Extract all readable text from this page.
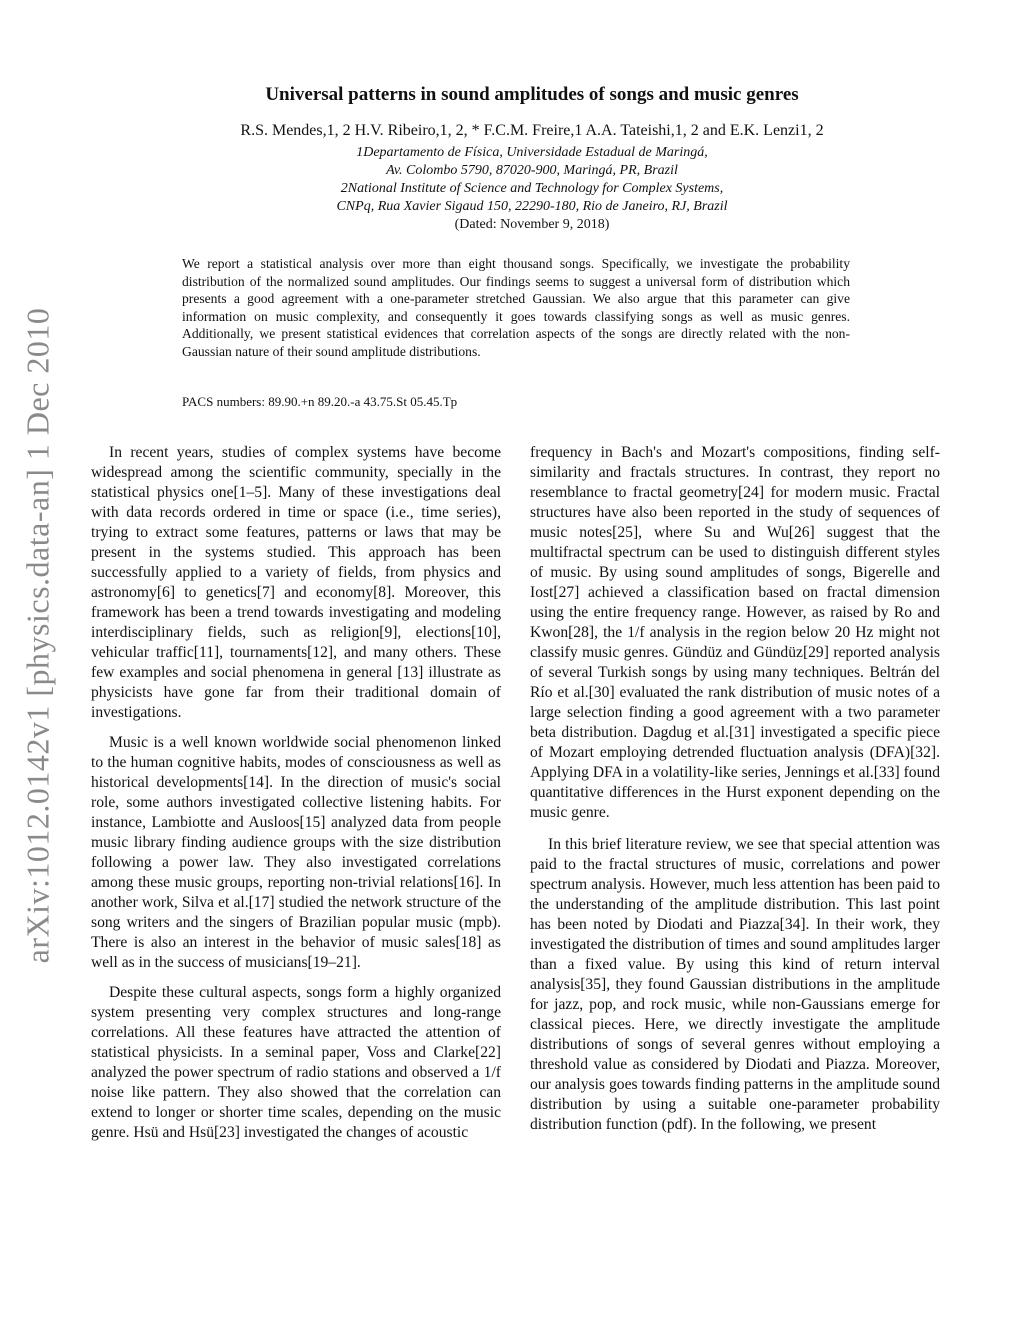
arXiv:1012.0142v1 [physics.data-an] 1 Dec 2010
Universal patterns in sound amplitudes of songs and music genres
R.S. Mendes,1, 2 H.V. Ribeiro,1, 2, * F.C.M. Freire,1 A.A. Tateishi,1, 2 and E.K. Lenzi1, 2
1Departamento de Física, Universidade Estadual de Maringá,
Av. Colombo 5790, 87020-900, Maringá, PR, Brazil
2National Institute of Science and Technology for Complex Systems,
CNPq, Rua Xavier Sigaud 150, 22290-180, Rio de Janeiro, RJ, Brazil
(Dated: November 9, 2018)
We report a statistical analysis over more than eight thousand songs. Specifically, we investigate the probability distribution of the normalized sound amplitudes. Our findings seems to suggest a universal form of distribution which presents a good agreement with a one-parameter stretched Gaussian. We also argue that this parameter can give information on music complexity, and consequently it goes towards classifying songs as well as music genres. Additionally, we present statistical evidences that correlation aspects of the songs are directly related with the non-Gaussian nature of their sound amplitude distributions.
PACS numbers: 89.90.+n 89.20.-a 43.75.St 05.45.Tp

In recent years, studies of complex systems have become widespread among the scientific community, specially in the statistical physics one[1–5]. Many of these investigations deal with data records ordered in time or space (i.e., time series), trying to extract some features, patterns or laws that may be present in the systems studied. This approach has been successfully applied to a variety of fields, from physics and astronomy[6] to genetics[7] and economy[8]. Moreover, this framework has been a trend towards investigating and modeling interdisciplinary fields, such as religion[9], elections[10], vehicular traffic[11], tournaments[12], and many others. These few examples and social phenomena in general [13] illustrate as physicists have gone far from their traditional domain of investigations.

Music is a well known worldwide social phenomenon linked to the human cognitive habits, modes of consciousness as well as historical developments[14]. In the direction of music's social role, some authors investigated collective listening habits. For instance, Lambiotte and Ausloos[15] analyzed data from people music library finding audience groups with the size distribution following a power law. They also investigated correlations among these music groups, reporting non-trivial relations[16]. In another work, Silva et al.[17] studied the network structure of the song writers and the singers of Brazilian popular music (mpb). There is also an interest in the behavior of music sales[18] as well as in the success of musicians[19–21].

Despite these cultural aspects, songs form a highly organized system presenting very complex structures and long-range correlations. All these features have attracted the attention of statistical physicists. In a seminal paper, Voss and Clarke[22] analyzed the power spectrum of radio stations and observed a 1/f noise like pattern. They also showed that the correlation can extend to longer or shorter time scales, depending on the music genre. Hsü and Hsü[23] investigated the changes of acoustic

frequency in Bach's and Mozart's compositions, finding self-similarity and fractals structures. In contrast, they report no resemblance to fractal geometry[24] for modern music. Fractal structures have also been reported in the study of sequences of music notes[25], where Su and Wu[26] suggest that the multifractal spectrum can be used to distinguish different styles of music. By using sound amplitudes of songs, Bigerelle and Iost[27] achieved a classification based on fractal dimension using the entire frequency range. However, as raised by Ro and Kwon[28], the 1/f analysis in the region below 20 Hz might not classify music genres. Gündüz and Gündüz[29] reported analysis of several Turkish songs by using many techniques. Beltrán del Río et al.[30] evaluated the rank distribution of music notes of a large selection finding a good agreement with a two parameter beta distribution. Dagdug et al.[31] investigated a specific piece of Mozart employing detrended fluctuation analysis (DFA)[32]. Applying DFA in a volatility-like series, Jennings et al.[33] found quantitative differences in the Hurst exponent depending on the music genre.

In this brief literature review, we see that special attention was paid to the fractal structures of music, correlations and power spectrum analysis. However, much less attention has been paid to the understanding of the amplitude distribution. This last point has been noted by Diodati and Piazza[34]. In their work, they investigated the distribution of times and sound amplitudes larger than a fixed value. By using this kind of return interval analysis[35], they found Gaussian distributions in the amplitude for jazz, pop, and rock music, while non-Gaussians emerge for classical pieces. Here, we directly investigate the amplitude distributions of songs of several genres without employing a threshold value as considered by Diodati and Piazza. Moreover, our analysis goes towards finding patterns in the amplitude sound distribution by using a suitable one-parameter probability distribution function (pdf). In the following, we present
